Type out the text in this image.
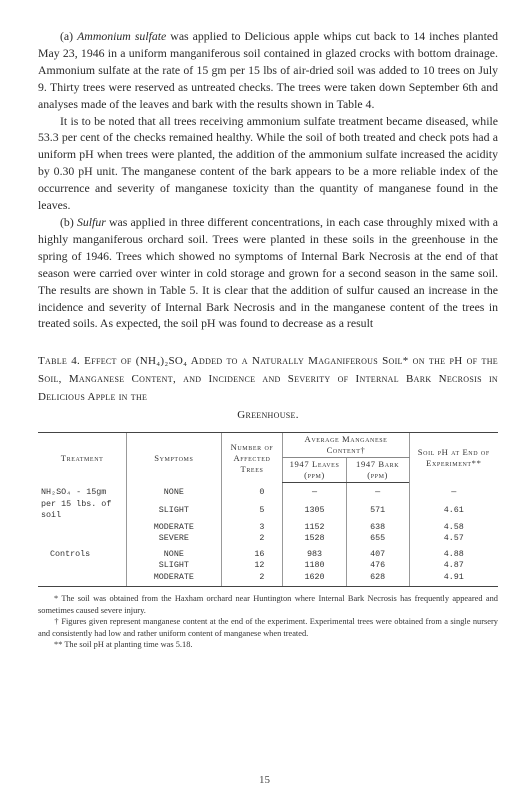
(a) Ammonium sulfate was applied to Delicious apple whips cut back to 14 inches planted May 23, 1946 in a uniform manganiferous soil contained in glazed crocks with bottom drainage. Ammonium sulfate at the rate of 15 gm per 15 lbs of air-dried soil was added to 10 trees on July 9. Thirty trees were reserved as untreated checks. The trees were taken down September 6th and analyses made of the leaves and bark with the results shown in Table 4.

It is to be noted that all trees receiving ammonium sulfate treatment became diseased, while 53.3 per cent of the checks remained healthy. While the soil of both treated and check pots had a uniform pH when trees were planted, the addition of the ammonium sulfate increased the acidity by 0.30 pH unit. The manganese content of the bark appears to be a more reliable index of the occurrence and severity of manganese toxicity than the quantity of manganese found in the leaves.

(b) Sulfur was applied in three different concentrations, in each case throughly mixed with a highly manganiferous orchard soil. Trees were planted in these soils in the greenhouse in the spring of 1946. Trees which showed no symptoms of Internal Bark Necrosis at the end of that season were carried over winter in cold storage and grown for a second season in the same soil. The results are shown in Table 5. It is clear that the addition of sulfur caused an increase in the incidence and severity of Internal Bark Necrosis and in the manganese content of the trees in treated soils. As expected, the soil pH was found to decrease as a result

Table 4. Effect of (NH₄)₂SO₄ Added to a Naturally Maganiferous Soil* on the pH of the Soil, Manganese Content, and Incidence and Severity of Internal Bark Necrosis in Delicious Apple in the
Greenhouse.
Treatment	Symptoms	Number of Affected Trees	Average Manganese Content†		Soil pH at End of Experiment**
			1947 Leaves (ppm)	1947 Bark (ppm)	
NH₂SO₄ - 15gm	NONE	0	—	—	—
per 15 lbs. of soil	SLIGHT	5	1305	571	4.61
	MODERATE	3	1152	638	4.58
	SEVERE	2	1528	655	4.57
Controls	NONE	16	983	407	4.88
	SLIGHT	12	1180	476	4.87
	MODERATE	2	1620	628	4.91

* The soil was obtained from the Haxham orchard near Huntington where Internal Bark Necrosis has frequently appeared and sometimes caused severe injury.

† Figures given represent manganese content at the end of the experiment. Experimental trees were obtained from a single nursery and consistently had low and rather uniform content of manganese when treated.

** The soil pH at planting time was 5.18.

15
